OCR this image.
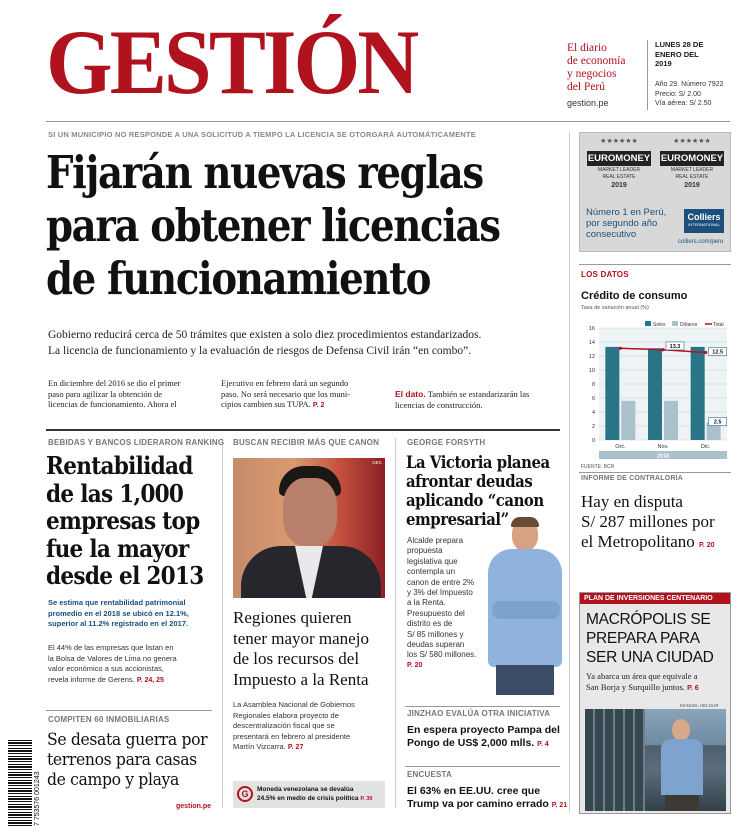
GESTIÓN	El diario
de economía
y negocios
del Perú
gestion.pe
LUNES 28 DE
ENERO DEL
2019
Año 29. Número 7922
Precio: S/ 2.00
Vía aérea: S/ 2.50
SI UN MUNICIPIO NO RESPONDE A UNA SOLICITUD A TIEMPO LA LICENCIA SE OTORGARÁ AUTOMÁTICAMENTE
Fijarán nuevas reglas
para obtener licencias
de funcionamiento
Gobierno reducirá cerca de 50 trámites que existen a solo diez procedimientos estandarizados.
La licencia de funcionamiento y la evaluación de riesgos de Defensa Civil irán “en combo”.
En diciembre del 2016 se dio el primer
paso para agilizar la obtención de
licencias de funcionamiento. Ahora el
Ejecutivo en febrero dará un segundo
paso. No será necesario que los muni-
cipios cambien sus TUPA. P. 2
El dato. También se estandarizarán las
licencias de construcción.
★★★★★★
EUROMONEY
MARKET LEADER
REAL ESTATE
2019
★★★★★★
EUROMONEY
MARKET LEADER
REAL ESTATE
2019
Número 1 en Perú,
por segundo año
consecutivo
Colliers
INTERNATIONAL
colliers.com/peru
LOS DATOS
Crédito de consumo
Tasa de variación anual (%)
0
2
4
6
8
10
12
14
16
Oct.	Nov.	Dic.
2018
13.3
12.5
2.5
Soles	Dólares	Total
FUENTE: BCR
INFORME DE CONTRALORÍA
Hay en disputa
S/ 287 millones por
el Metropolitano P. 20
PLAN DE INVERSIONES CENTENARIO
MACRÓPOLIS SE
PREPARA PARA
SER UNA CIUDAD
Ya abarca un área que equivale a
San Borja y Surquillo juntos. P. 6
MANUEL HELGUR
BEBIDAS Y BANCOS LIDERARON RANKING
Rentabilidad
de las 1,000
empresas top
fue la mayor
desde el 2013
Se estima que rentabilidad patrimonial
promedio en el 2018 se ubicó en 12.1%,
superior al 11.2% registrado en el 2017.
El 44% de las empresas que listan en
la Bolsa de Valores de Lima no genera
valor económico a sus accionistas,
revela informe de Gerens. P. 24, 25
COMPITEN 60 INMOBILIARIAS
Se desata guerra por
terrenos para casas
de campo y playa
gestion.pe
7 753576 001243
BUSCAN RECIBIR MÁS QUE CANON
GEC
Regiones quieren
tener mayor manejo
de los recursos del
Impuesto a la Renta
La Asamblea Nacional de Gobiernos
Regionales elabora proyecto de
descentralización fiscal que se
presentará en febrero al presidente
Martín Vizcarra. P. 27
G	Moneda venezolana se devalúa
24.5% en medio de crisis política P. 30
GEORGE FORSYTH
La Victoria planea
afrontar deudas
aplicando “canon
empresarial”
Alcalde prepara
propuesta
legislativa que
contempla un
canon de entre 2%
y 3% del Impuesto
a la Renta.
Presupuesto del
distrito es de
S/ 85 millones y
deudas superan
los S/ 580 millones.
P. 20
JINZHAO EVALÚA OTRA INICIATIVA
En espera proyecto Pampa del
Pongo de US$ 2,000 mlls. P. 4
ENCUESTA
El 63% en EE.UU. cree que
Trump va por camino errado P. 21
